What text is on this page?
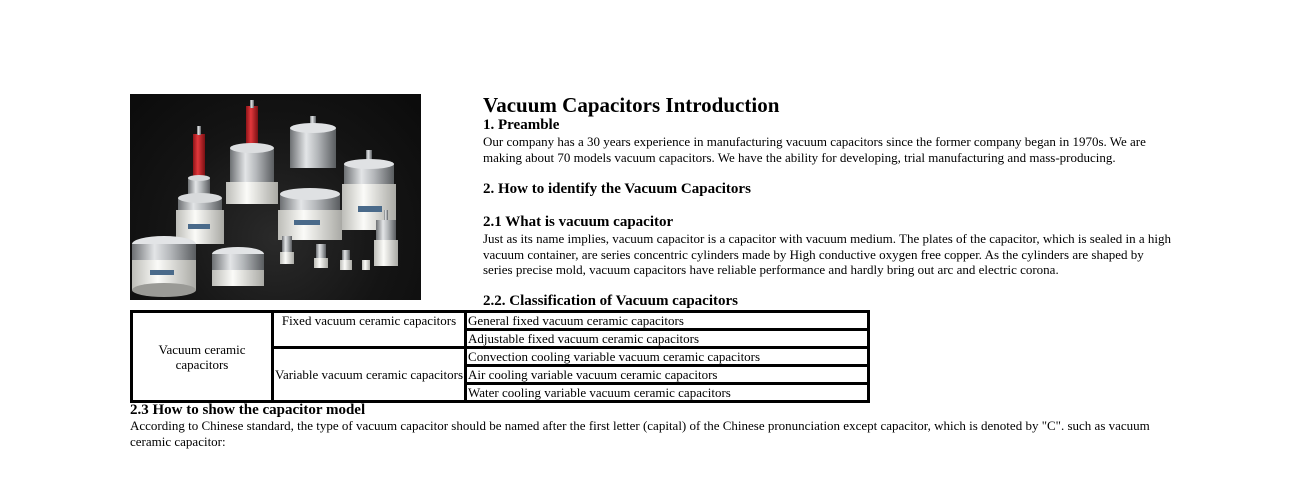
Vacuum Capacitors Introduction
1. Preamble

Our company has a 30 years experience in manufacturing vacuum capacitors since the former company began in 1970s. We are making about 70 models vacuum capacitors. We have the ability for developing, trial manufacturing and mass-producing.

2. How to identify the Vacuum Capacitors
2.1 What is vacuum capacitor

Just as its name implies, vacuum capacitor is a capacitor with vacuum medium. The plates of the capacitor, which is sealed in a high vacuum container, are series concentric cylinders made by High conductive oxygen free copper. As the cylinders are shaped by series precise mold, vacuum capacitors have reliable performance and hardly bring out arc and electric corona.

2.2. Classification of Vacuum capacitors
Vacuum ceramic capacitors	Fixed vacuum ceramic capacitors	General fixed vacuum ceramic capacitors
		Adjustable fixed vacuum ceramic capacitors
	Variable vacuum ceramic capacitors	Convection cooling variable vacuum ceramic capacitors
		Air cooling variable vacuum ceramic capacitors
		Water cooling variable vacuum ceramic capacitors
2.3 How to show the capacitor model

According to Chinese standard, the type of vacuum capacitor should be named after the first letter (capital) of the Chinese pronunciation except capacitor, which is denoted by "C". such as vacuum ceramic capacitor:
